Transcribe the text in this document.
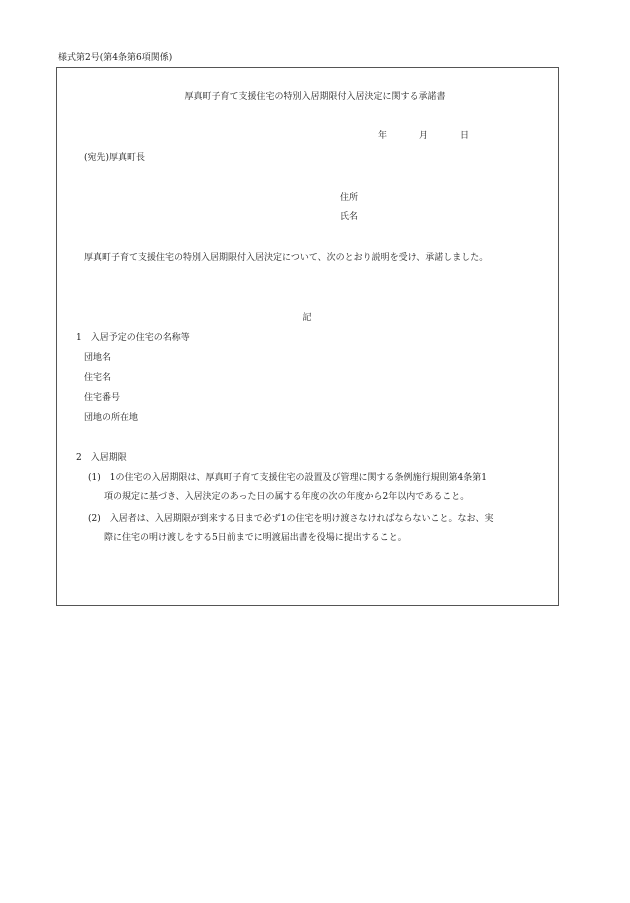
様式第2号(第4条第6項関係)
厚真町子育て支援住宅の特別入居期限付入居決定に関する承諾書
年	月	日
(宛先)厚真町長
住所
氏名
厚真町子育て支援住宅の特別入居期限付入居決定について、次のとおり説明を受け、承諾しました。
記
1　入居予定の住宅の名称等
団地名
住宅名
住宅番号
団地の所在地
2　入居期限
(1)　1の住宅の入居期限は、厚真町子育て支援住宅の設置及び管理に関する条例施行規則第4条第1
項の規定に基づき、入居決定のあった日の属する年度の次の年度から2年以内であること。
(2)　入居者は、入居期限が到来する日まで必ず1の住宅を明け渡さなければならないこと。なお、実
際に住宅の明け渡しをする5日前までに明渡届出書を役場に提出すること。
